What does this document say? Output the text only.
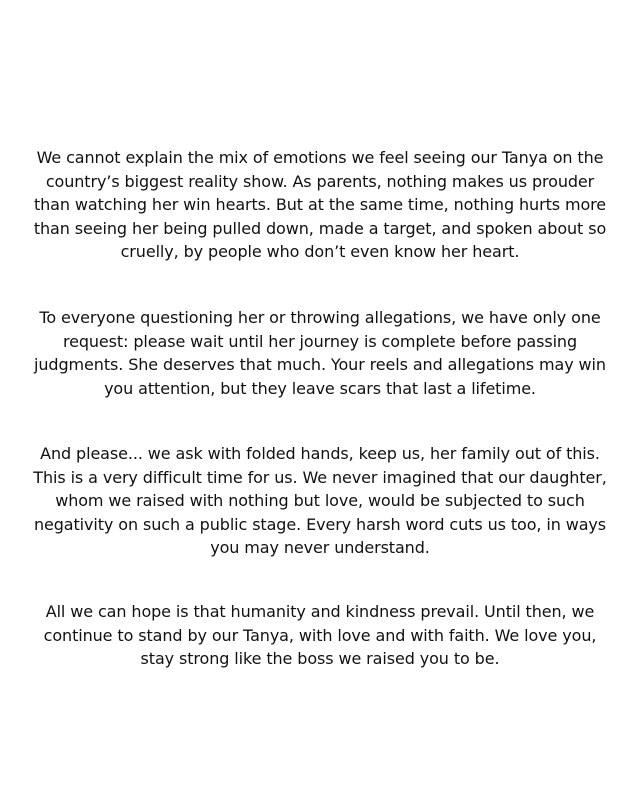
We cannot explain the mix of emotions we feel seeing our Tanya on the country’s biggest reality show. As parents, nothing makes us prouder than watching her win hearts. But at the same time, nothing hurts more than seeing her being pulled down, made a target, and spoken about so cruelly, by people who don’t even know her heart.

To everyone questioning her or throwing allegations, we have only one request: please wait until her journey is complete before passing judgments. She deserves that much. Your reels and allegations may win you attention, but they leave scars that last a lifetime.

And please... we ask with folded hands, keep us, her family out of this. This is a very difficult time for us. We never imagined that our daughter, whom we raised with nothing but love, would be subjected to such negativity on such a public stage. Every harsh word cuts us too, in ways you may never understand.

All we can hope is that humanity and kindness prevail. Until then, we continue to stand by our Tanya, with love and with faith. We love you, stay strong like the boss we raised you to be.
